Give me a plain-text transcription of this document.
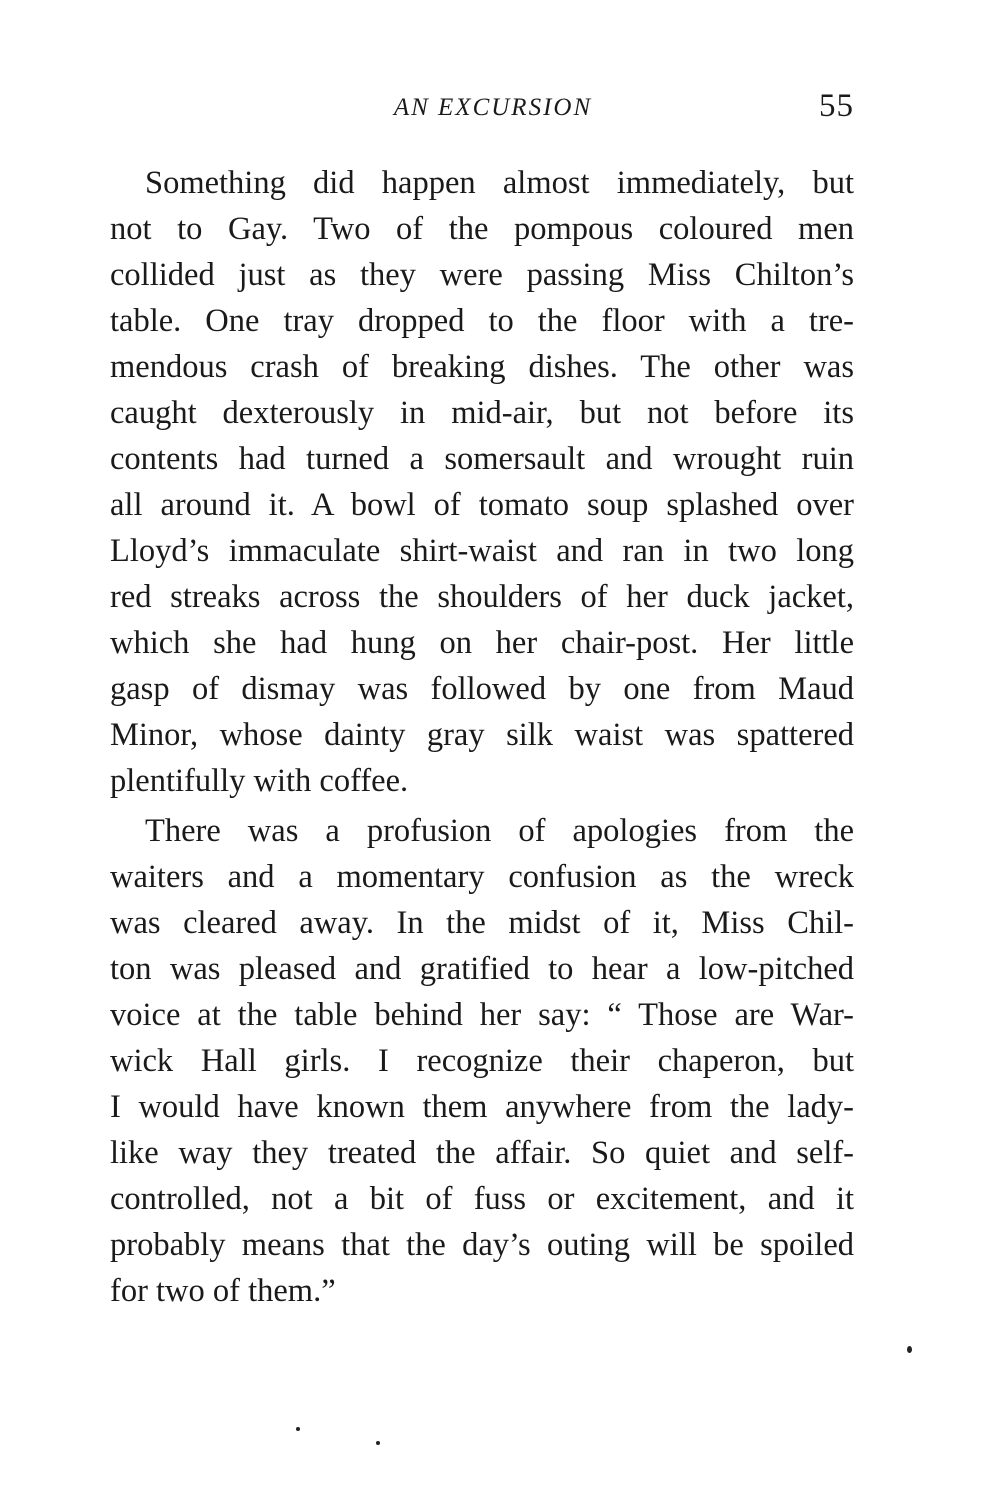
AN EXCURSION	55
Something did happen almost immediately, but
not to Gay. Two of the pompous coloured men
collided just as they were passing Miss Chilton’s
table. One tray dropped to the floor with a tre-
mendous crash of breaking dishes. The other was
caught dexterously in mid-air, but not before its
contents had turned a somersault and wrought ruin
all around it. A bowl of tomato soup splashed over
Lloyd’s immaculate shirt-waist and ran in two long
red streaks across the shoulders of her duck jacket,
which she had hung on her chair-post. Her little
gasp of dismay was followed by one from Maud
Minor, whose dainty gray silk waist was spattered
plentifully with coffee.
There was a profusion of apologies from the
waiters and a momentary confusion as the wreck
was cleared away. In the midst of it, Miss Chil-
ton was pleased and gratified to hear a low-pitched
voice at the table behind her say: “ Those are War-
wick Hall girls. I recognize their chaperon, but
I would have known them anywhere from the lady-
like way they treated the affair. So quiet and self-
controlled, not a bit of fuss or excitement, and it
probably means that the day’s outing will be spoiled
for two of them.”
